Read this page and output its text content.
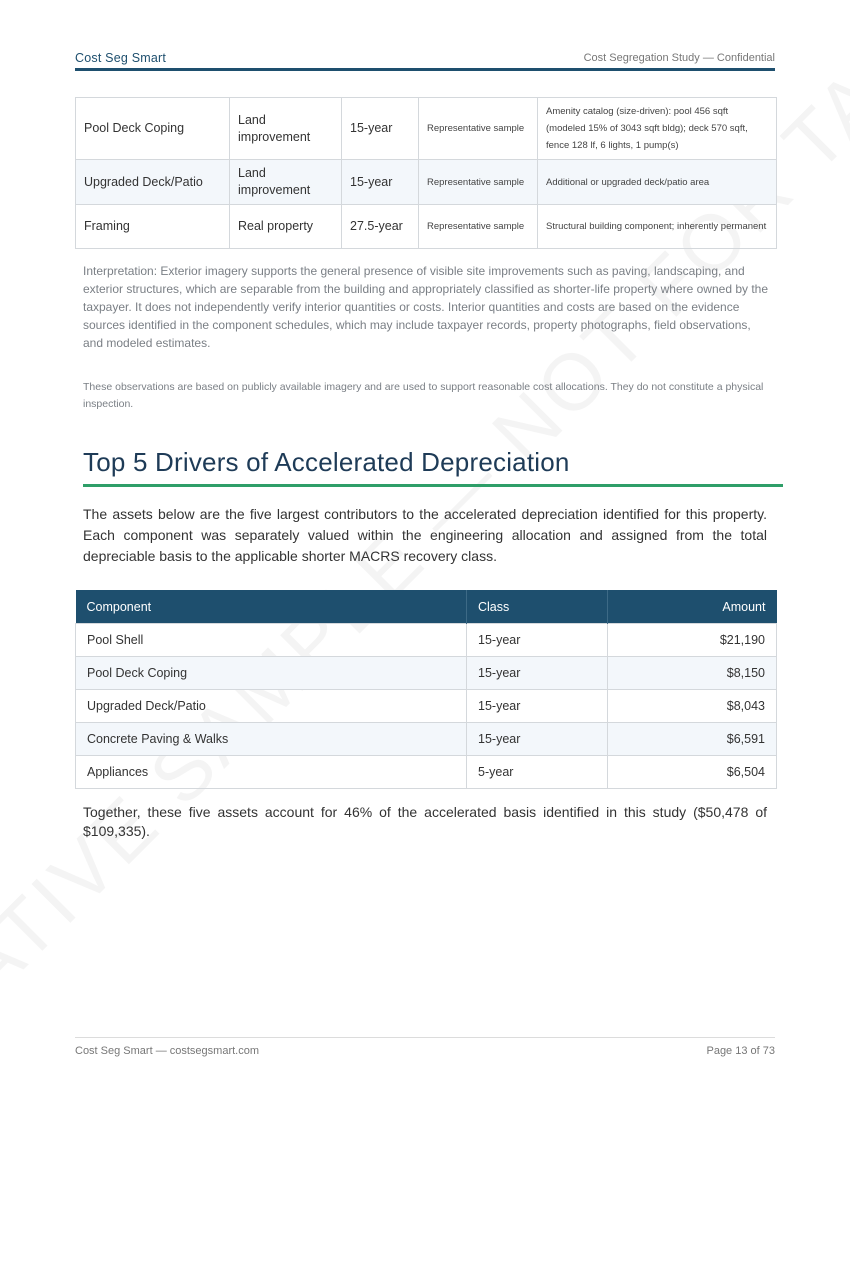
Cost Seg Smart	Cost Segregation Study — Confidential
Pool Deck Coping	Land improvement	15-year	Representative sample	Amenity catalog (size-driven): pool 456 sqft (modeled 15% of 3043 sqft bldg); deck 570 sqft, fence 128 lf, 6 lights, 1 pump(s)
Upgraded Deck/Patio	Land improvement	15-year	Representative sample	Additional or upgraded deck/patio area
Framing	Real property	27.5-year	Representative sample	Structural building component; inherently permanent
Interpretation: Exterior imagery supports the general presence of visible site improvements such as paving, landscaping, and exterior structures, which are separable from the building and appropriately classified as shorter-life property where owned by the taxpayer. It does not independently verify interior quantities or costs. Interior quantities and costs are based on the evidence sources identified in the component schedules, which may include taxpayer records, property photographs, field observations, and modeled estimates.
These observations are based on publicly available imagery and are used to support reasonable cost allocations. They do not constitute a physical inspection.
Top 5 Drivers of Accelerated Depreciation
The assets below are the five largest contributors to the accelerated depreciation identified for this property. Each component was separately valued within the engineering allocation and assigned from the total depreciable basis to the applicable shorter MACRS recovery class.
Component	Class	Amount
Pool Shell	15-year	$21,190
Pool Deck Coping	15-year	$8,150
Upgraded Deck/Patio	15-year	$8,043
Concrete Paving & Walks	15-year	$6,591
Appliances	5-year	$6,504
Together, these five assets account for 46% of the accelerated basis identified in this study ($50,478 of $109,335).
Cost Seg Smart — costsegsmart.com	Page 13 of 73
